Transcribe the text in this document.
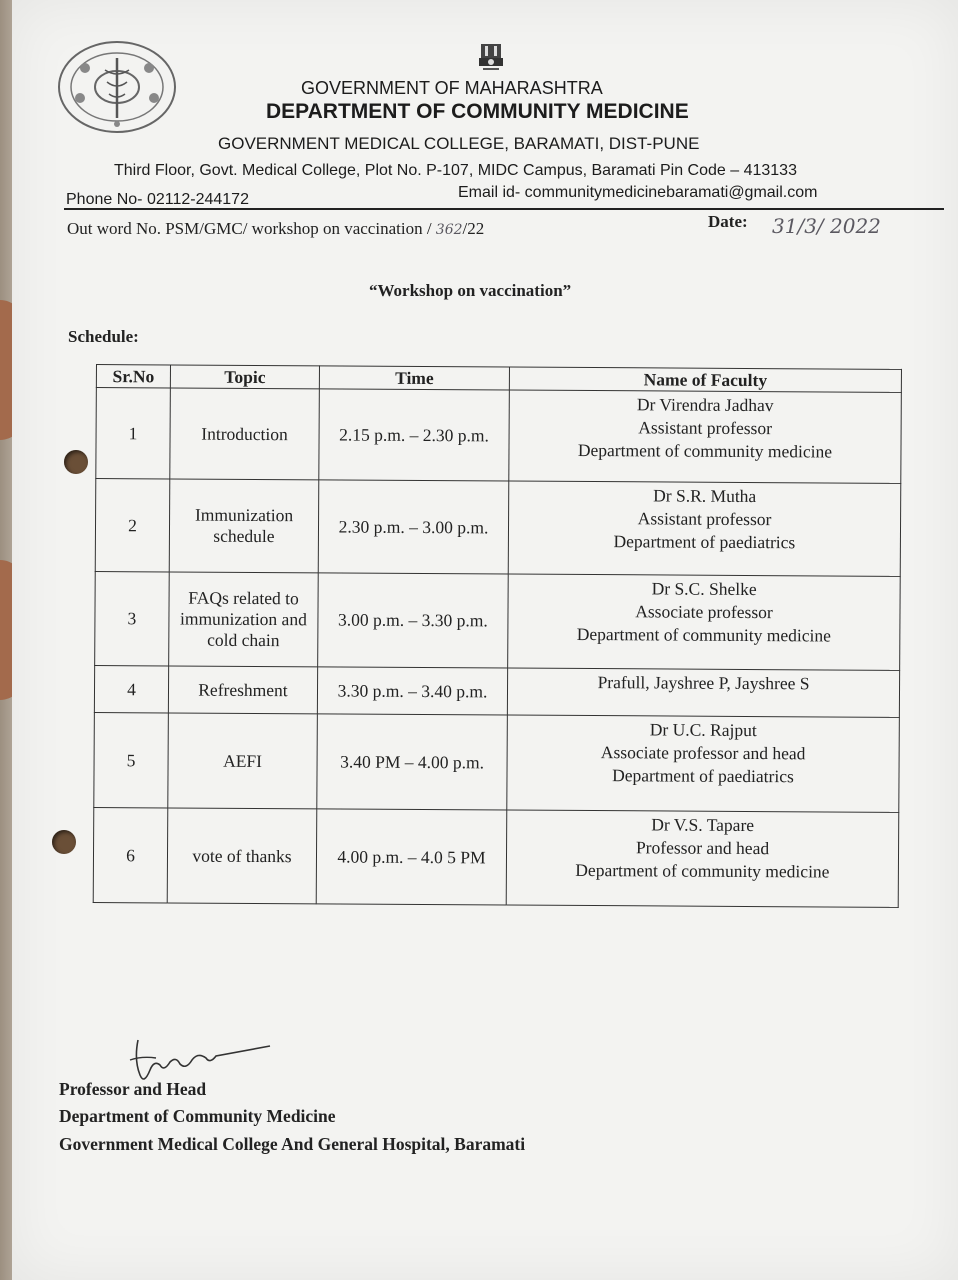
GOVERNMENT OF MAHARASHTRA
DEPARTMENT OF COMMUNITY MEDICINE
GOVERNMENT MEDICAL COLLEGE, BARAMATI, DIST-PUNE
Third Floor, Govt. Medical College, Plot No. P-107, MIDC Campus, Baramati Pin Code – 413133
Phone No- 02112-244172	Email id- communitymedicinebaramati@gmail.com
Out word No. PSM/GMC/ workshop on vaccination / 362/22	Date: 31/3/ 2022
“Workshop on vaccination”
Schedule:
Sr.No	Topic	Time	Name of Faculty
1	Introduction	2.15 p.m. – 2.30 p.m.	Dr Virendra Jadhav
Assistant professor
Department of community medicine

2	Immunization schedule	2.30 p.m. – 3.00 p.m.	Dr S.R. Mutha
Assistant professor
Department of paediatrics

3	FAQs related to immunization and cold chain	3.00 p.m. – 3.30 p.m.	Dr S.C. Shelke
Associate professor
Department of community medicine

4	Refreshment	3.30 p.m. – 3.40 p.m.	Prafull, Jayshree P, Jayshree S

5	AEFI	3.40 PM – 4.00 p.m.	Dr U.C. Rajput
Associate professor and head
Department of paediatrics

6	vote of thanks	4.00 p.m. – 4.0 5 PM	Dr V.S. Tapare
Professor and head
Department of community medicine
Professor and Head
Department of Community Medicine
Government Medical College And General Hospital, Baramati
